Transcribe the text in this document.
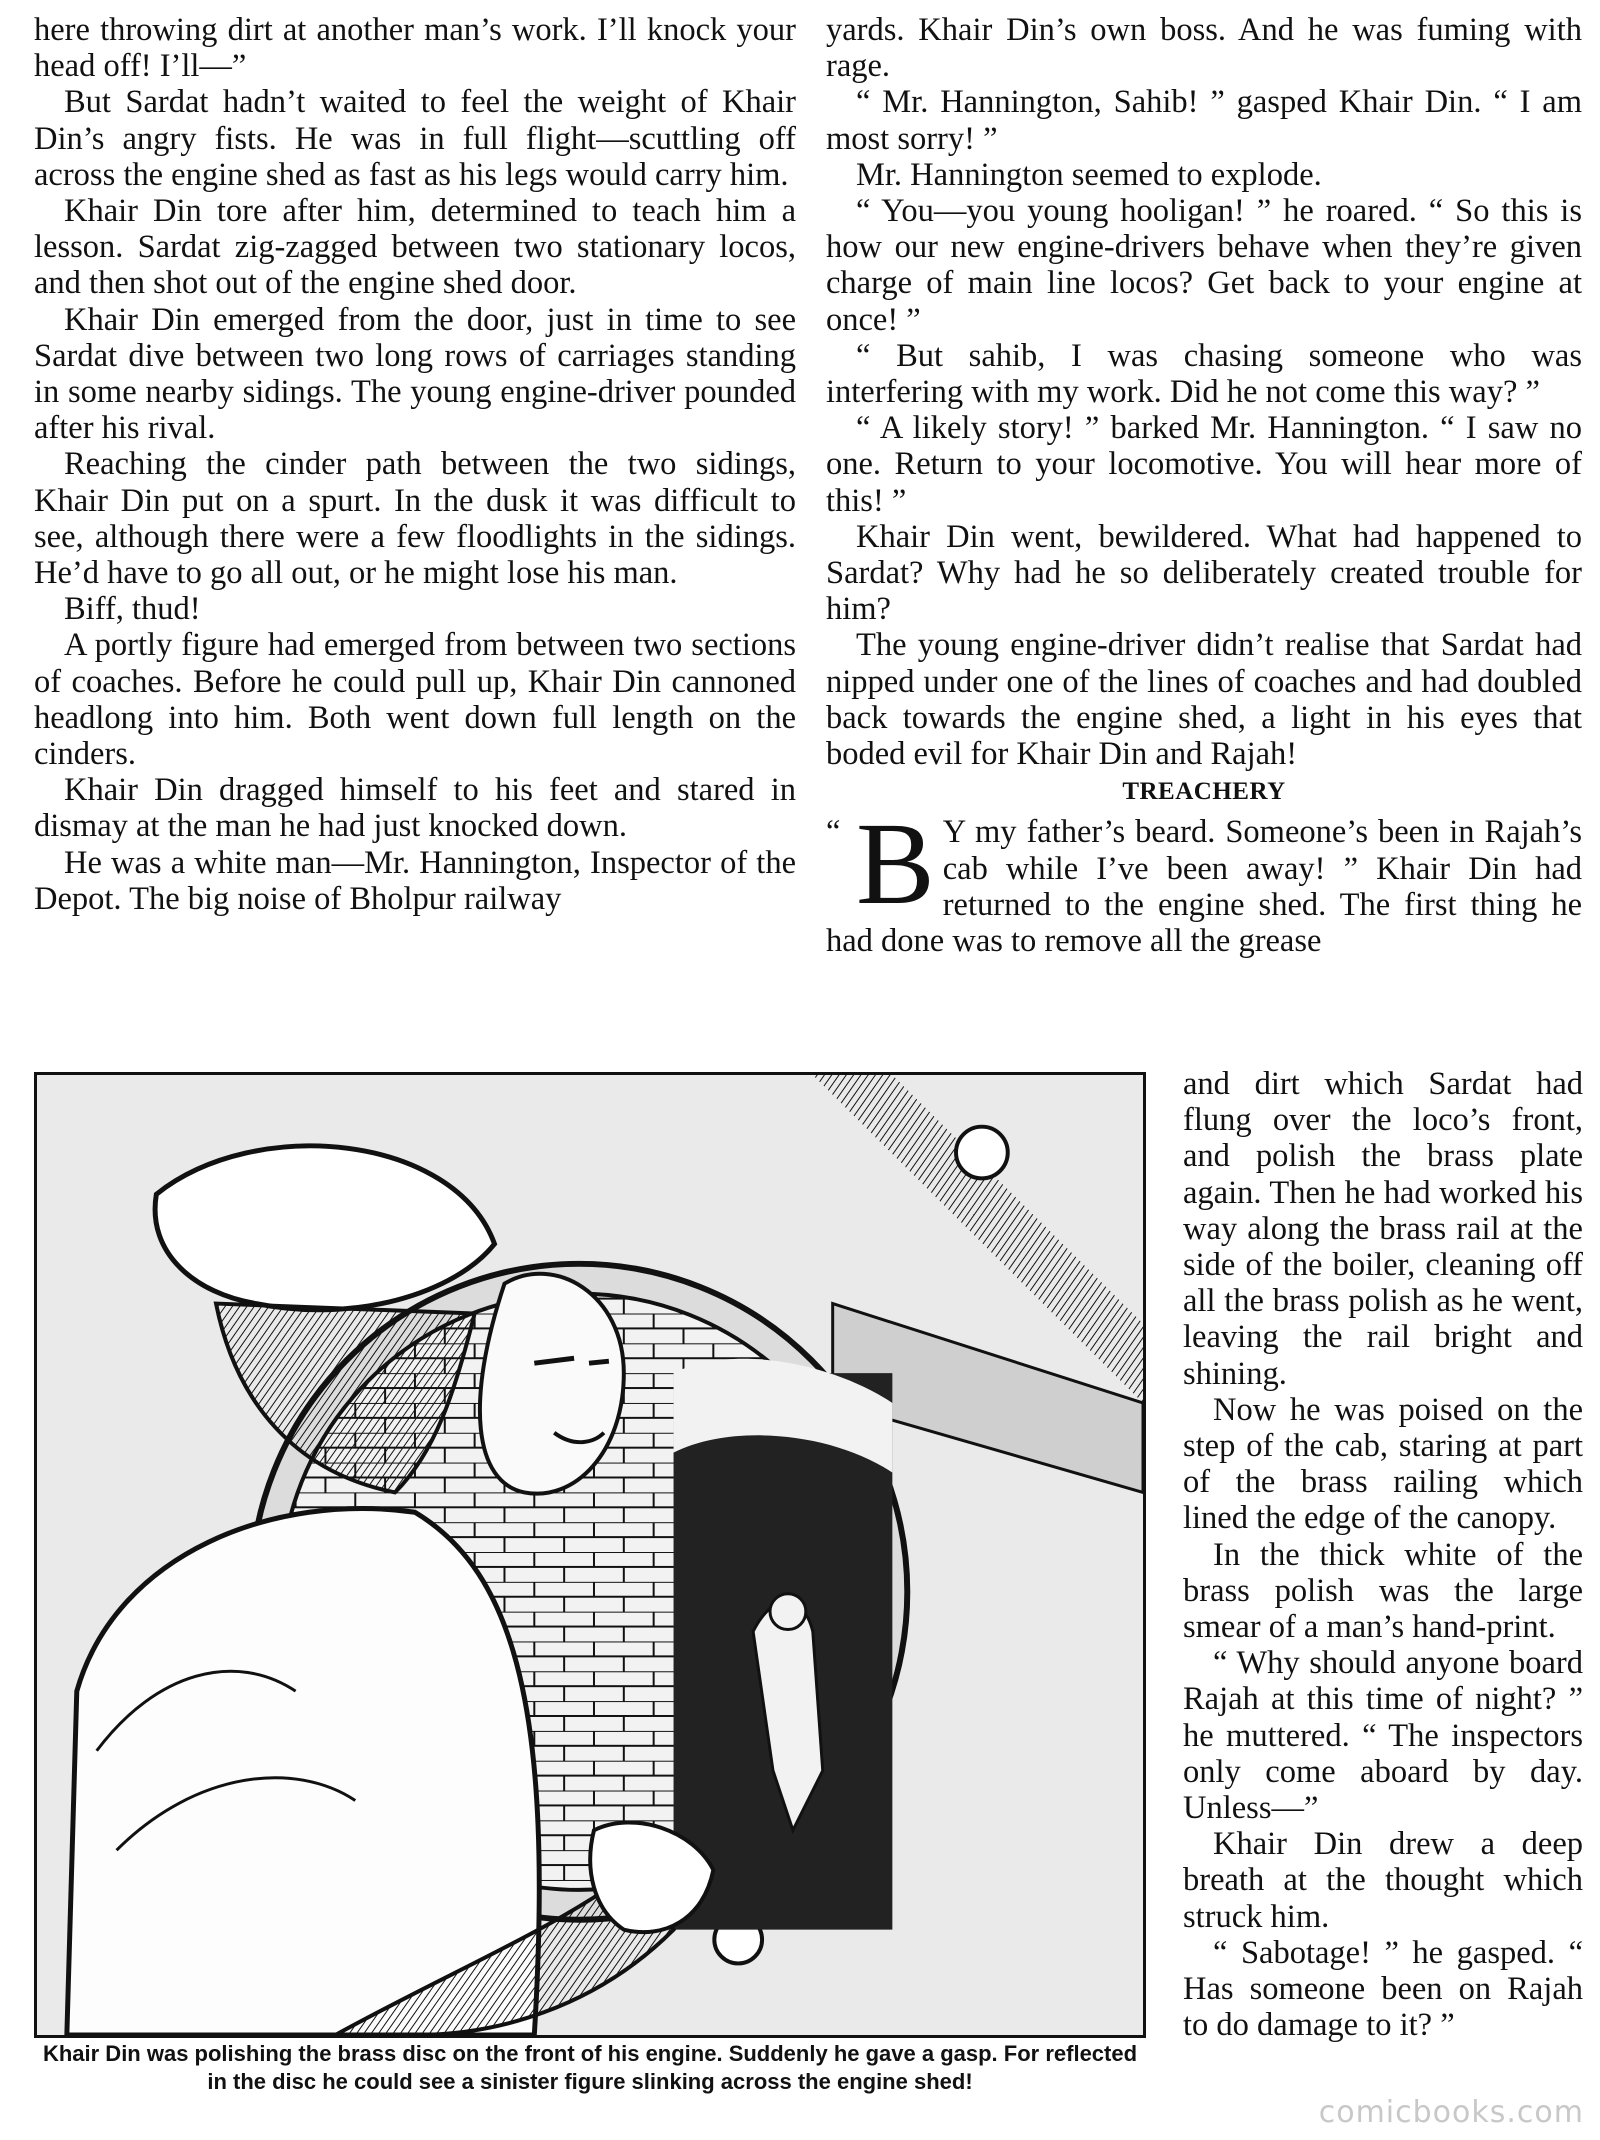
here throwing dirt at another man’s work. I’ll knock your head off! I’ll—”

But Sardat hadn’t waited to feel the weight of Khair Din’s angry fists. He was in full flight—scuttling off across the engine shed as fast as his legs would carry him.

Khair Din tore after him, determined to teach him a lesson. Sardat zig-zagged between two stationary locos, and then shot out of the engine shed door.

Khair Din emerged from the door, just in time to see Sardat dive between two long rows of carriages standing in some nearby sidings. The young engine-driver pounded after his rival.

Reaching the cinder path between the two sidings, Khair Din put on a spurt. In the dusk it was difficult to see, although there were a few floodlights in the sidings. He’d have to go all out, or he might lose his man.

Biff, thud!

A portly figure had emerged from between two sections of coaches. Before he could pull up, Khair Din cannoned headlong into him. Both went down full length on the cinders.

Khair Din dragged himself to his feet and stared in dismay at the man he had just knocked down.

He was a white man—Mr. Hannington, Inspector of the Depot. The big noise of Bholpur railway

yards. Khair Din’s own boss. And he was fuming with rage.

“ Mr. Hannington, Sahib! ” gasped Khair Din. “ I am most sorry! ”

Mr. Hannington seemed to explode.

“ You—you young hooligan! ” he roared. “ So this is how our new engine-drivers behave when they’re given charge of main line locos? Get back to your engine at once! ”

“ But sahib, I was chasing someone who was interfering with my work. Did he not come this way? ”

“ A likely story! ” barked Mr. Hannington. “ I saw no one. Return to your locomotive. You will hear more of this! ”

Khair Din went, bewildered. What had happened to Sardat? Why had he so deliberately created trouble for him?

The young engine-driver didn’t realise that Sardat had nipped under one of the lines of coaches and had doubled back towards the engine shed, a light in his eyes that boded evil for Khair Din and Rajah!

TREACHERY
“ B Y my father’s beard. Someone’s been in Rajah’s cab while I’ve been away! ” Khair Din had returned to the engine shed. The first thing he had done was to remove all the grease

and dirt which Sardat had flung over the loco’s front, and polish the brass plate again. Then he had worked his way along the brass rail at the side of the boiler, cleaning off all the brass polish as he went, leaving the rail bright and shining.

Now he was poised on the step of the cab, staring at part of the brass railing which lined the edge of the canopy.

In the thick white of the brass polish was the large smear of a man’s hand-print.

“ Why should anyone board Rajah at this time of night? ” he muttered. “ The inspectors only come aboard by day. Unless—”

Khair Din drew a deep breath at the thought which struck him.

“ Sabotage! ” he gasped. “ Has someone been on Rajah to do damage to it? ”

Khair Din was polishing the brass disc on the front of his engine. Suddenly he gave a gasp. For reflected in the disc he could see a sinister figure slinking across the engine shed!
comicbooks.com
